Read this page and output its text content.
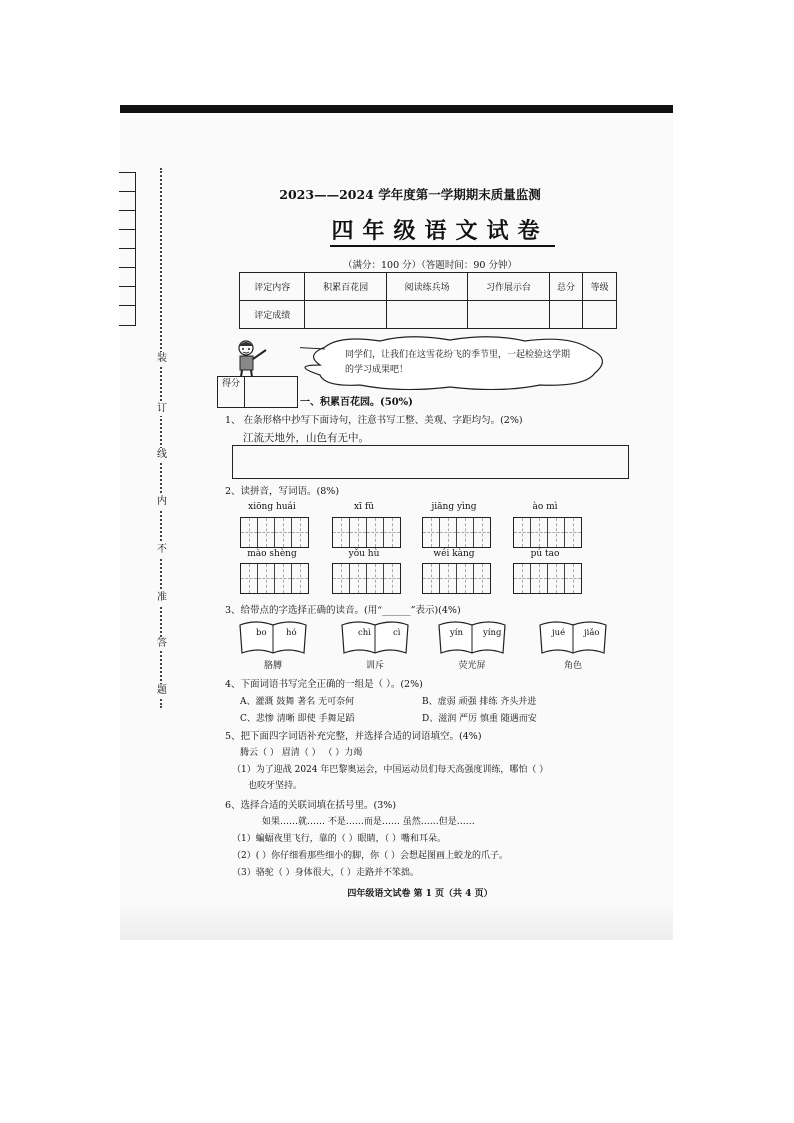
装
订
线
内
不
准
答
题
2023——2024 学年度第一学期期末质量监测
四年级语文试卷
（满分：100 分）（答题时间：90 分钟）
评定内容	积累百花园	阅读练兵场	习作展示台	总分	等级
评定成绩					
同学们，让我们在这雪花纷飞的季节里，一起检验这学期的学习成果吧！
得分
一、积累百花园。(50%)
1、 在条形格中抄写下面诗句，注意书写工整、美观、字距均匀。(2%)
江流天地外，山色有无中。
2、读拼音，写词语。(8%)
xiōng huái	xī fū	jiāng yìng	ào mì
mào shèng	yǒu hù	wéi kàng	pú tao
3、给带点的字选择正确的读音。(用“______”表示)(4%)
bo hó
胳膊
chì	cì
训斥
yín yíng
荧光屏
jué jiǎo
角色
4、下面词语书写完全正确的一组是（ ）。(2%)
A、灌溉 鼓舞 著名 无可奈何	B、虚弱 顽强 排练 齐头并进
C、悲惨 清晰 即使 手舞足蹈	D、滋润 严厉 慎重 随遇而安
5、把下面四字词语补充完整，并选择合适的词语填空。(4%)
腾云（ ） 眉清（ ） （ ）力竭
（1）为了迎战 2024 年巴黎奥运会，中国运动员们每天高强度训练，哪怕（ ）
也咬牙坚持。
6、选择合适的关联词填在括号里。(3%)
如果……就…… 不是……而是…… 虽然……但是……
（1）蝙蝠夜里飞行，靠的（ ）眼睛，（ ）嘴和耳朵。
（2）( ）你仔细看那些细小的脚，你（ ）会想起图画上蛟龙的爪子。
（3）骆驼（ ）身体很大，（ ）走路并不笨拙。
四年级语文试卷 第 1 页（共 4 页）
